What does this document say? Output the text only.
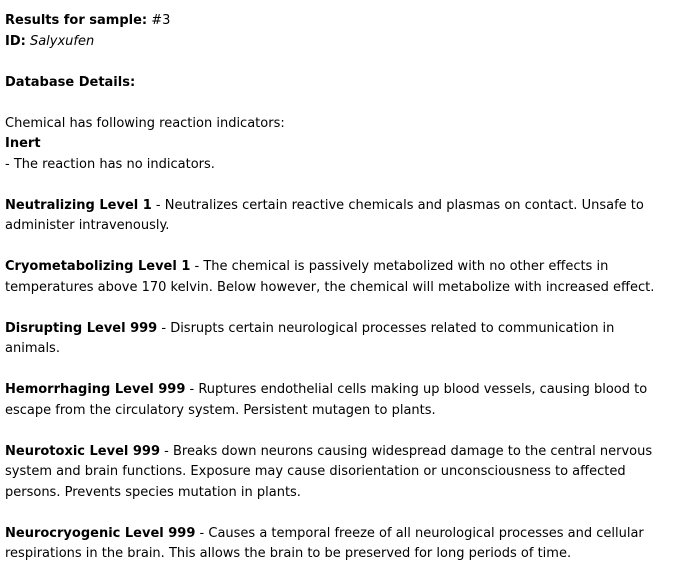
Results for sample: #3
ID: Salyxufen
Database Details:
Chemical has following reaction indicators:
Inert
- The reaction has no indicators.
Neutralizing Level 1 - Neutralizes certain reactive chemicals and plasmas on contact. Unsafe to administer intravenously.
Cryometabolizing Level 1 - The chemical is passively metabolized with no other effects in temperatures above 170 kelvin. Below however, the chemical will metabolize with increased effect.
Disrupting Level 999 - Disrupts certain neurological processes related to communication in animals.
Hemorrhaging Level 999 - Ruptures endothelial cells making up blood vessels, causing blood to escape from the circulatory system. Persistent mutagen to plants.
Neurotoxic Level 999 - Breaks down neurons causing widespread damage to the central nervous system and brain functions. Exposure may cause disorientation or unconsciousness to affected persons. Prevents species mutation in plants.
Neurocryogenic Level 999 - Causes a temporal freeze of all neurological processes and cellular respirations in the brain. This allows the brain to be preserved for long periods of time.
